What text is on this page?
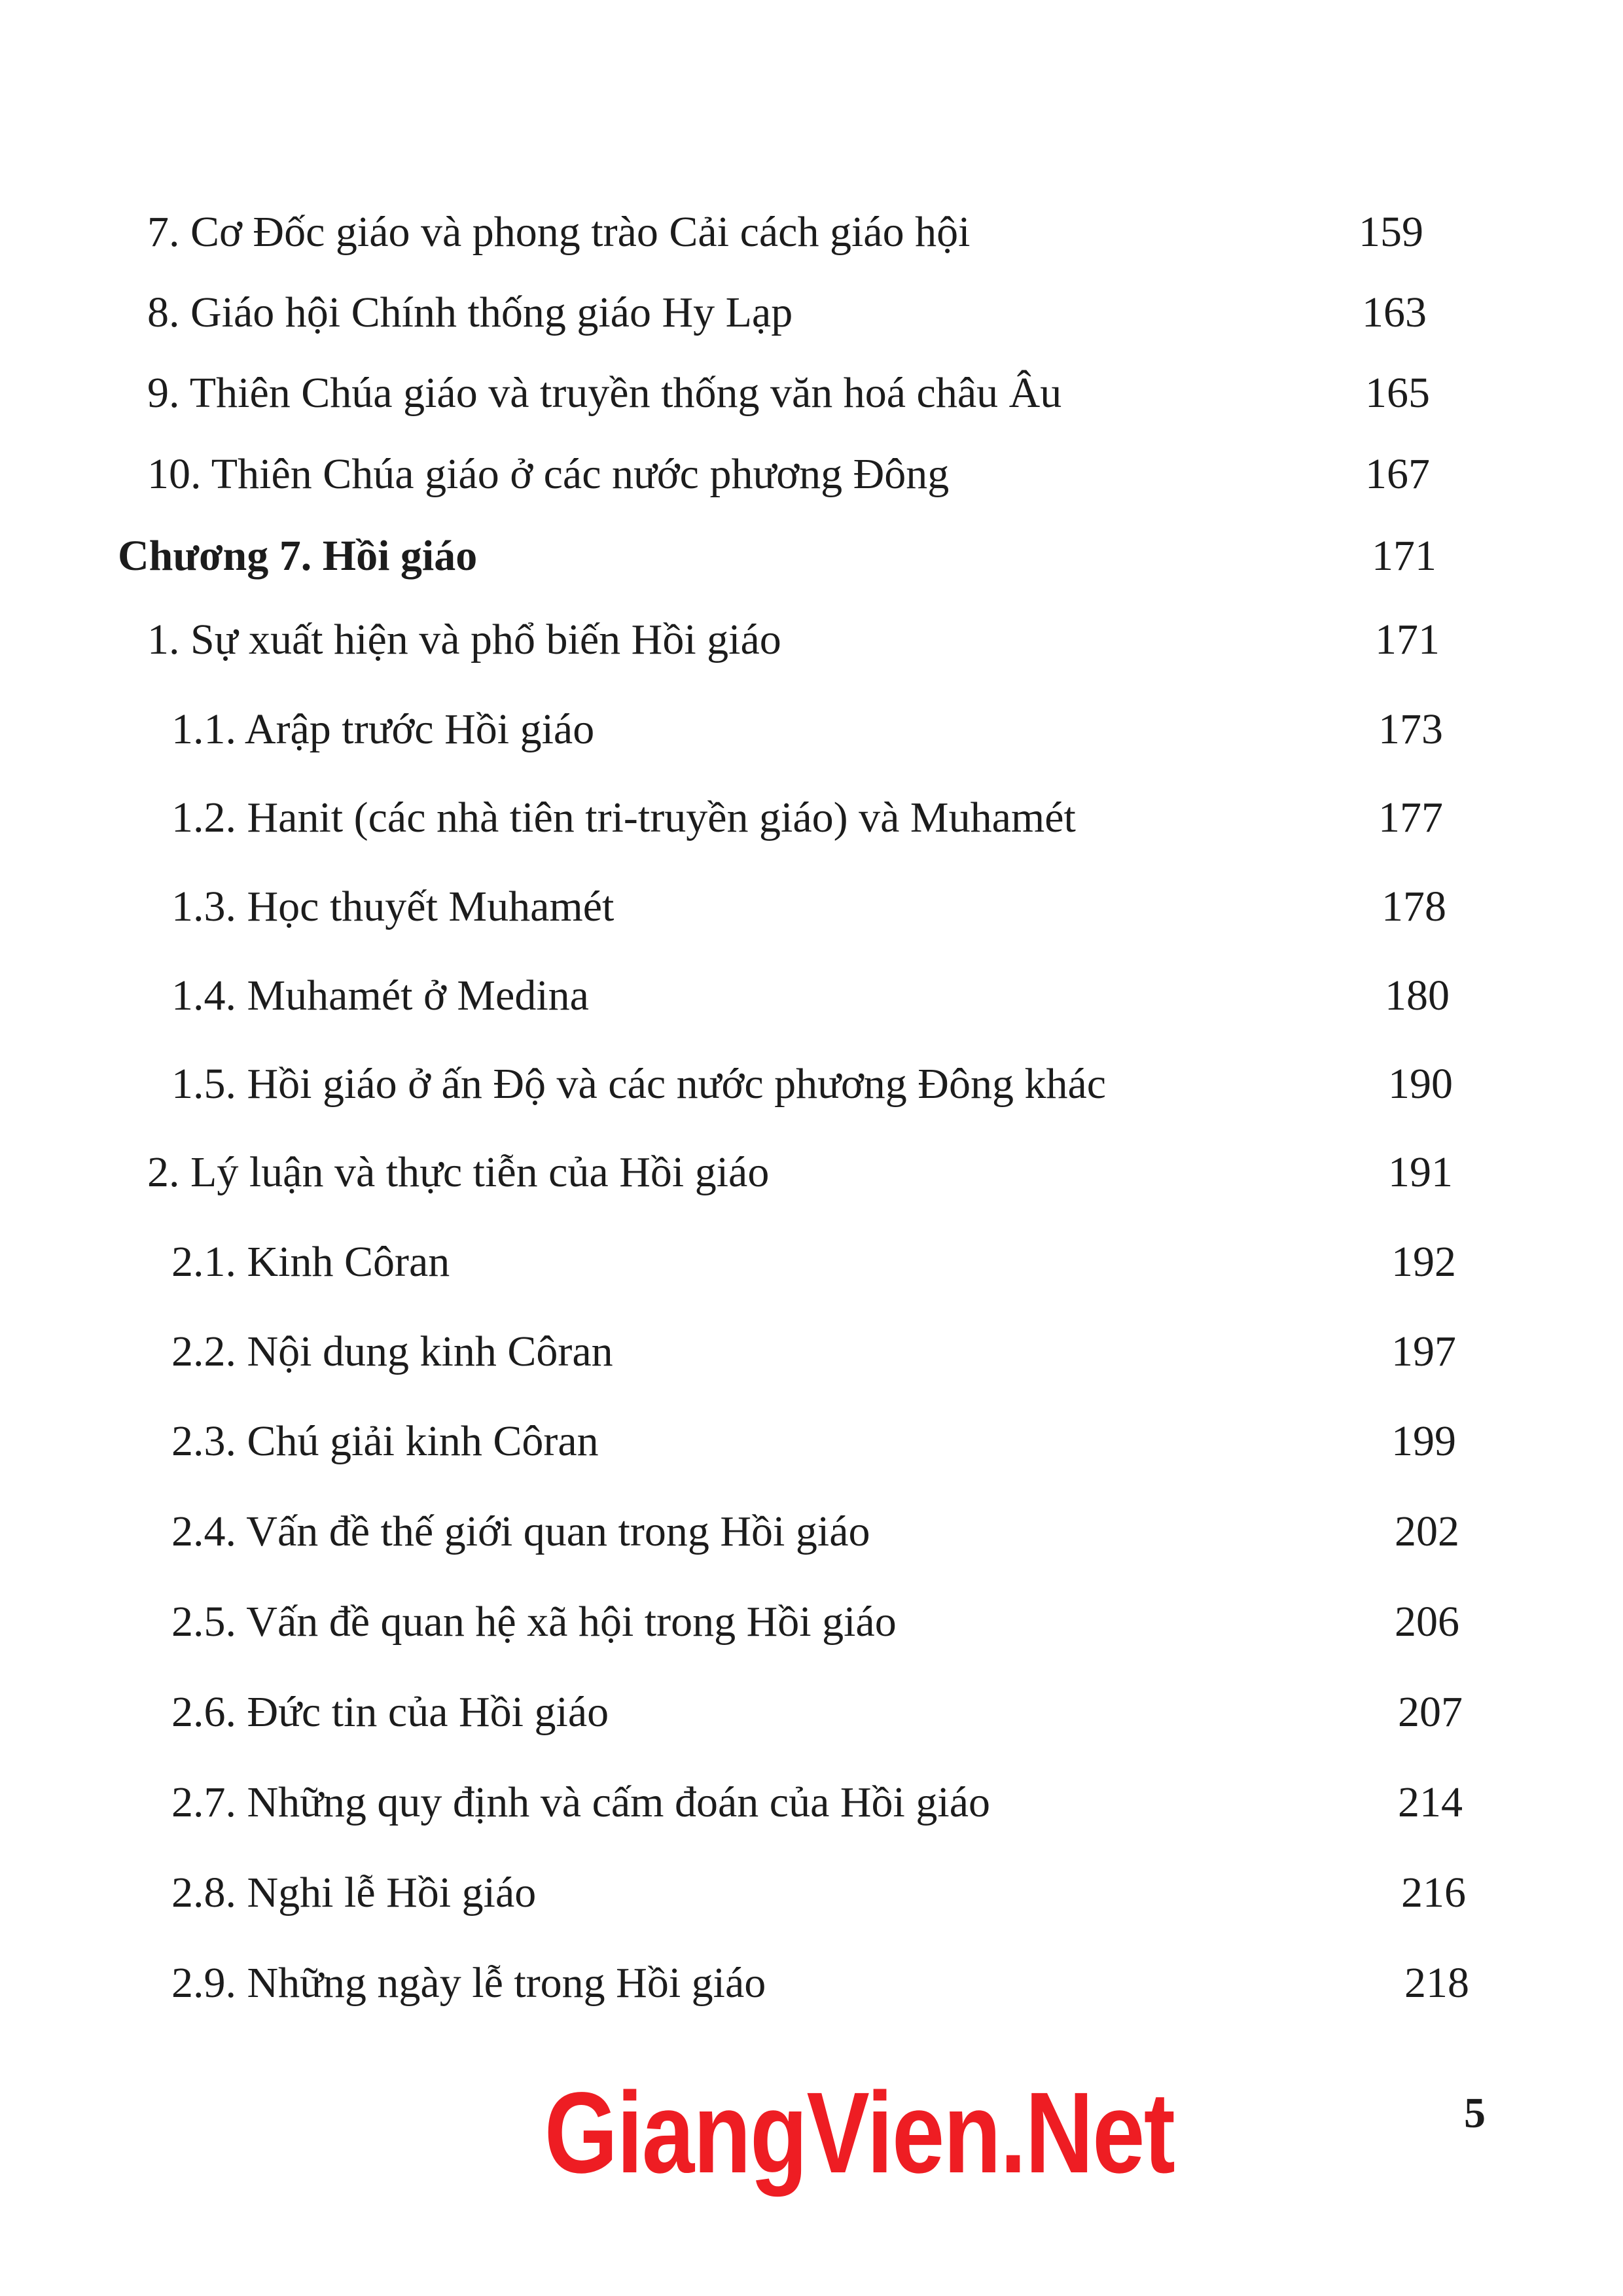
7. Cơ Đốc giáo và phong trào Cải cách giáo hội	159
8. Giáo hội Chính thống giáo Hy Lạp	163
9. Thiên Chúa giáo và truyền thống văn hoá châu Âu	165
10. Thiên Chúa giáo ở các nước phương Đông	167
Chương 7. Hồi giáo	171
1. Sự xuất hiện và phổ biến Hồi giáo	171
1.1. Arập trước Hồi giáo	173
1.2. Hanit (các nhà tiên tri-truyền giáo) và Muhamét	177
1.3. Học thuyết Muhamét	178
1.4. Muhamét ở Medina	180
1.5. Hồi giáo ở ấn Độ và các nước phương Đông khác	190
2. Lý luận và thực tiễn của Hồi giáo	191
2.1. Kinh Côran	192
2.2. Nội dung kinh Côran	197
2.3. Chú giải kinh Côran	199
2.4. Vấn đề thế giới quan trong Hồi giáo	202
2.5. Vấn đề quan hệ xã hội trong Hồi giáo	206
2.6. Đức tin của Hồi giáo	207
2.7. Những quy định và cấm đoán của Hồi giáo	214
2.8. Nghi lễ Hồi giáo	216
2.9. Những ngày lễ trong Hồi giáo	218
5
GiangVien.Net
